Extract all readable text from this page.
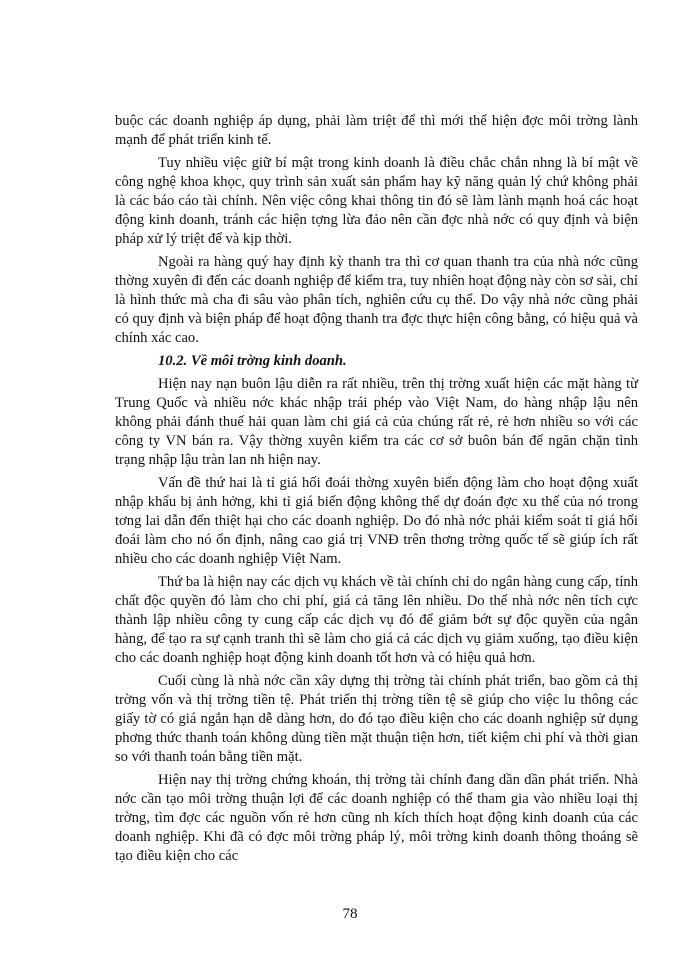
buộc các doanh nghiệp áp dụng, phải làm triệt để thì mới thể hiện đợc môi trờng lành mạnh để phát triển kinh tế.

Tuy nhiều việc giữ bí mật trong kinh doanh là điều chắc chắn nhng là bí mật về công nghệ khoa khọc, quy trình sản xuất sản phẩm hay kỹ năng quản lý chứ không phải là các báo cáo tài chính. Nên việc công khai thông tin đó sẽ làm lành mạnh hoá các hoạt động kinh doanh, tránh các hiện tợng lừa đảo nên cần đợc nhà nớc có quy định và biện pháp xử lý triệt để và kịp thời.

Ngoài ra hàng quý hay định kỳ thanh tra thì cơ quan thanh tra của nhà nớc cũng thờng xuyên đi đến các doanh nghiệp để kiểm tra, tuy nhiên hoạt động này còn sơ sài, chỉ là hình thức mà cha đi sâu vào phân tích, nghiên cứu cụ thể. Do vậy nhà nớc cũng phải có quy định và biện pháp để hoạt động thanh tra đợc thực hiện công bằng, có hiệu quả và chính xác cao.

10.2. Về môi trờng kinh doanh.

Hiện nay nạn buôn lậu diễn ra rất nhiều, trên thị trờng xuất hiện các mặt hàng từ Trung Quốc và nhiều nớc khác nhập trái phép vào Việt Nam, do hàng nhập lậu nên không phải đánh thuế hải quan làm chi giá cả của chúng rất rẻ, rẻ hơn nhiều so với các công ty VN bán ra. Vậy thờng xuyên kiểm tra các cơ sở buôn bán để ngăn chặn tình trạng nhập lậu tràn lan nh hiện nay.

Vấn đề thứ hai là tỉ giá hối đoái thờng xuyên biến động làm cho hoạt động xuất nhập khẩu bị ảnh hởng, khi tỉ giá biến động không thể dự đoán đợc xu thế của nó trong tơng lai dẫn đến thiệt hại cho các doanh nghiệp. Do đó nhà nớc phải kiểm soát tỉ giá hối đoái làm cho nó ổn định, nâng cao giá trị VNĐ trên thơng trờng quốc tế sẽ giúp ích rất nhiều cho các doanh nghiệp Việt Nam.

Thứ ba là hiện nay các dịch vụ khách về tài chính chỉ do ngân hàng cung cấp, tính chất độc quyền đó làm cho chi phí, giá cả tăng lên nhiều. Do thế nhà nớc nên tích cực thành lập nhiều công ty cung cấp các dịch vụ đó để giảm bớt sự độc quyền của ngân hàng, để tạo ra sự cạnh tranh thì sẽ làm cho giá cả các dịch vụ giảm xuống, tạo điều kiện cho các doanh nghiệp hoạt động kinh doanh tốt hơn và có hiệu quả hơn.

Cuối cùng là nhà nớc cần xây dựng thị trờng tài chính phát triển, bao gồm cả thị trờng vốn và thị trờng tiền tệ. Phát triển thị trờng tiền tệ sẽ giúp cho việc lu thông các giấy tờ có giá ngắn hạn dễ dàng hơn, do đó tạo điều kiện cho các doanh nghiệp sử dụng phơng thức thanh toán không dùng tiền mặt thuận tiện hơn, tiết kiệm chi phí và thời gian so với thanh toán bằng tiền mặt.

Hiện nay thị trờng chứng khoán, thị trờng tài chính đang dần dần phát triển. Nhà nớc cần tạo môi trờng thuận lợi để các doanh nghiệp có thể tham gia vào nhiều loại thị trờng, tìm đợc các nguồn vốn rẻ hơn cũng nh kích thích hoạt động kinh doanh của các doanh nghiệp. Khi đã có đợc môi trờng pháp lý, môi trờng kinh doanh thông thoáng sẽ tạo điều kiện cho các

78
